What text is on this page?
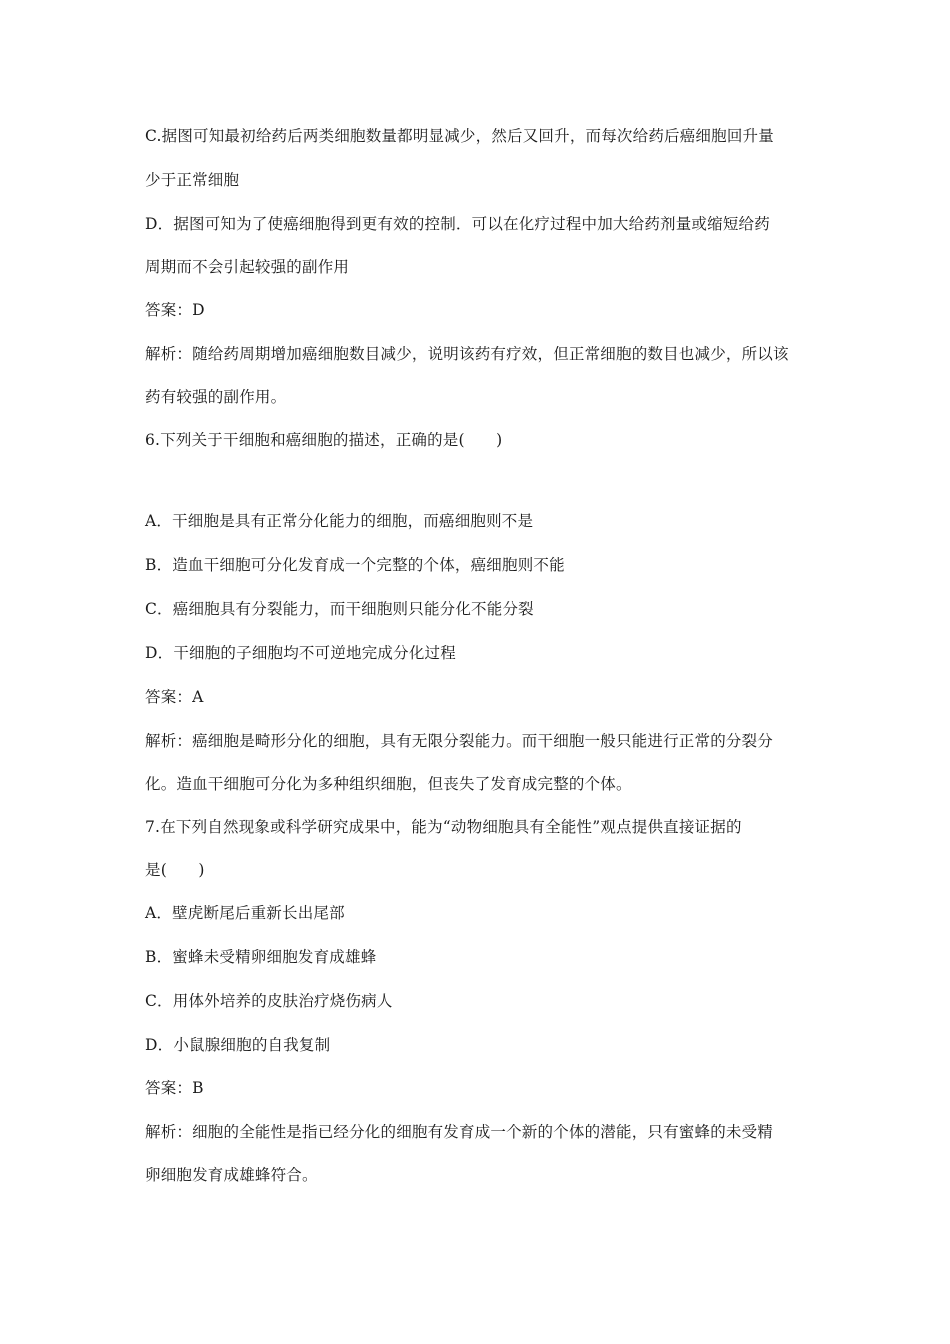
C.据图可知最初给药后两类细胞数量都明显减少，然后又回升，而每次给药后癌细胞回升量
少于正常细胞
D．据图可知为了使癌细胞得到更有效的控制．可以在化疗过程中加大给药剂量或缩短给药
周期而不会引起较强的副作用
答案：D
解析：随给药周期增加癌细胞数目减少，说明该药有疗效，但正常细胞的数目也减少，所以该
药有较强的副作用。
6.下列关于干细胞和癌细胞的描述，正确的是(　　)
A．干细胞是具有正常分化能力的细胞，而癌细胞则不是
B．造血干细胞可分化发育成一个完整的个体，癌细胞则不能
C．癌细胞具有分裂能力，而干细胞则只能分化不能分裂
D．干细胞的子细胞均不可逆地完成分化过程
答案：A
解析：癌细胞是畸形分化的细胞，具有无限分裂能力。而干细胞一般只能进行正常的分裂分
化。造血干细胞可分化为多种组织细胞，但丧失了发育成完整的个体。
7.在下列自然现象或科学研究成果中，能为“动物细胞具有全能性”观点提供直接证据的
是(　　)
A．壁虎断尾后重新长出尾部
B．蜜蜂未受精卵细胞发育成雄蜂
C．用体外培养的皮肤治疗烧伤病人
D．小鼠腺细胞的自我复制
答案：B
解析：细胞的全能性是指已经分化的细胞有发育成一个新的个体的潜能，只有蜜蜂的未受精
卵细胞发育成雄蜂符合。
